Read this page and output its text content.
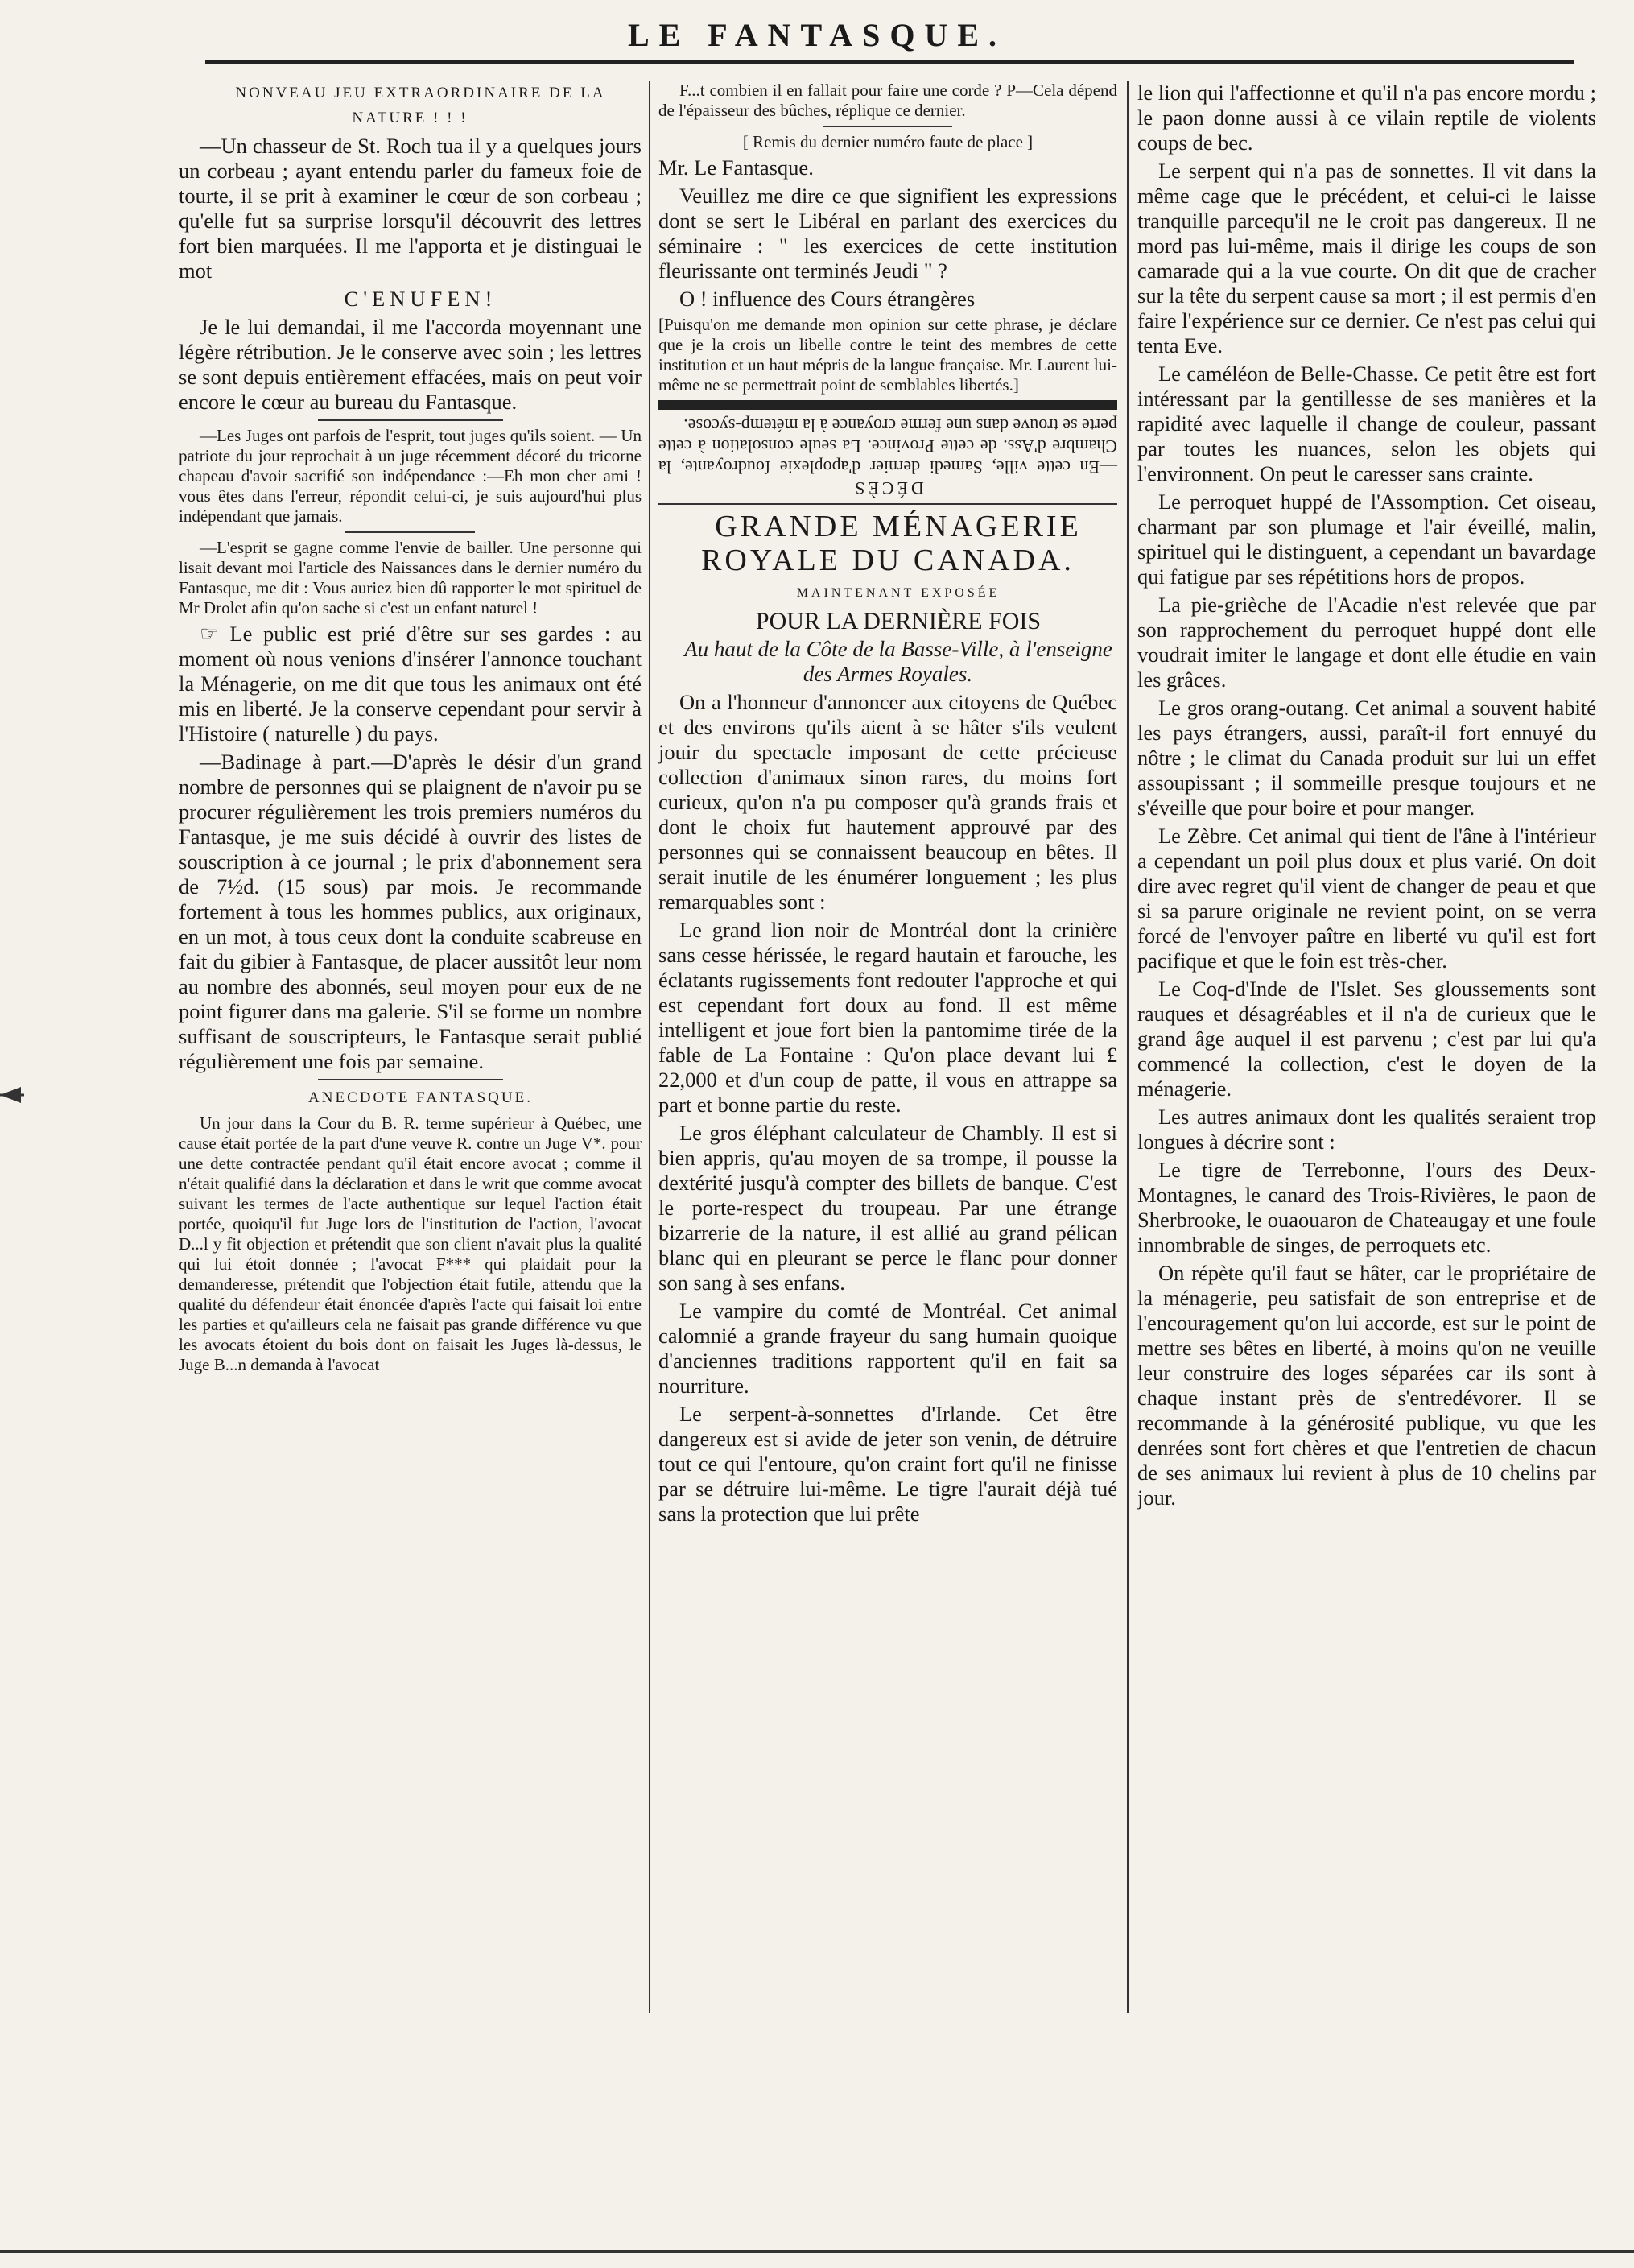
LE FANTASQUE.

NONVEAU JEU EXTRAORDINAIRE DE LA NATURE ! ! !

—Un chasseur de St. Roch tua il y a quelques jours un corbeau ; ayant entendu parler du fameux foie de tourte, il se prit à examiner le cœur de son corbeau ; qu'elle fut sa surprise lorsqu'il découvrit des lettres fort bien marquées. Il me l'apporta et je distinguai le mot

C'ENUFEN!

Je le lui demandai, il me l'accorda moyennant une légère rétribution. Je le conserve avec soin ; les lettres se sont depuis entièrement effacées, mais on peut voir encore le cœur au bureau du Fantasque.

—Les Juges ont parfois de l'esprit, tout juges qu'ils soient. — Un patriote du jour reprochait à un juge récemment décoré du tricorne chapeau d'avoir sacrifié son indépendance :—Eh mon cher ami ! vous êtes dans l'erreur, répondit celui-ci, je suis aujourd'hui plus indépendant que jamais.

—L'esprit se gagne comme l'envie de bailler. Une personne qui lisait devant moi l'article des Naissances dans le dernier numéro du Fantasque, me dit : Vous auriez bien dû rapporter le mot spirituel de Mr Drolet afin qu'on sache si c'est un enfant naturel !

☞ Le public est prié d'être sur ses gardes : au moment où nous venions d'insérer l'annonce touchant la Ménagerie, on me dit que tous les animaux ont été mis en liberté. Je la conserve cependant pour servir à l'Histoire ( naturelle ) du pays.

—Badinage à part.—D'après le désir d'un grand nombre de personnes qui se plaignent de n'avoir pu se procurer régulièrement les trois premiers numéros du Fantasque, je me suis décidé à ouvrir des listes de souscription à ce journal ; le prix d'abonnement sera de 7½d. (15 sous) par mois. Je recommande fortement à tous les hommes publics, aux originaux, en un mot, à tous ceux dont la conduite scabreuse en fait du gibier à Fantasque, de placer aussitôt leur nom au nombre des abonnés, seul moyen pour eux de ne point figurer dans ma galerie. S'il se forme un nombre suffisant de souscripteurs, le Fantasque serait publié régulièrement une fois par semaine.

ANECDOTE FANTASQUE.

Un jour dans la Cour du B. R. terme supérieur à Québec, une cause était portée de la part d'une veuve R. contre un Juge V*. pour une dette contractée pendant qu'il était encore avocat ; comme il n'était qualifié dans la déclaration et dans le writ que comme avocat suivant les termes de l'acte authentique sur lequel l'action était portée, quoiqu'il fut Juge lors de l'institution de l'action, l'avocat D...l y fit objection et prétendit que son client n'avait plus la qualité qui lui étoit donnée ; l'avocat F*** qui plaidait pour la demanderesse, prétendit que l'objection était futile, attendu que la qualité du défendeur était énoncée d'après l'acte qui faisait loi entre les parties et qu'ailleurs cela ne faisait pas grande différence vu que les avocats étoient du bois dont on faisait les Juges là-dessus, le Juge B...n demanda à l'avocat

F...t combien il en fallait pour faire une corde ? P—Cela dépend de l'épaisseur des bûches, réplique ce dernier.

[ Remis du dernier numéro faute de place ]

Mr. Le Fantasque.

Veuillez me dire ce que signifient les expressions dont se sert le Libéral en parlant des exercices du séminaire : " les exercices de cette institution fleurissante ont terminés Jeudi " ?

O ! influence des Cours étrangères

[Puisqu'on me demande mon opinion sur cette phrase, je déclare que je la crois un libelle contre le teint des membres de cette institution et un haut mépris de la langue française. Mr. Laurent lui-même ne se permettrait point de semblables libertés.]

DÉCÈS
—En cette ville, Samedi dernier d'apoplexie foudroyante, la Chambre d'Ass. de cette Province. La seule consolation à cette perte se trouve dans une ferme croyance à la métemp-sycose.

GRANDE MÉNAGERIE ROYALE DU CANADA.

MAINTENANT EXPOSÉE

POUR LA DERNIÈRE FOIS

Au haut de la Côte de la Basse-Ville, à l'enseigne des Armes Royales.

On a l'honneur d'annoncer aux citoyens de Québec et des environs qu'ils aient à se hâter s'ils veulent jouir du spectacle imposant de cette précieuse collection d'animaux sinon rares, du moins fort curieux, qu'on n'a pu composer qu'à grands frais et dont le choix fut hautement approuvé par des personnes qui se connaissent beaucoup en bêtes. Il serait inutile de les énumérer longuement ; les plus remarquables sont :

Le grand lion noir de Montréal dont la crinière sans cesse hérissée, le regard hautain et farouche, les éclatants rugissements font redouter l'approche et qui est cependant fort doux au fond. Il est même intelligent et joue fort bien la pantomime tirée de la fable de La Fontaine : Qu'on place devant lui £ 22,000 et d'un coup de patte, il vous en attrappe sa part et bonne partie du reste.

Le gros éléphant calculateur de Chambly. Il est si bien appris, qu'au moyen de sa trompe, il pousse la dextérité jusqu'à compter des billets de banque. C'est le porte-respect du troupeau. Par une étrange bizarrerie de la nature, il est allié au grand pélican blanc qui en pleurant se perce le flanc pour donner son sang à ses enfans.

Le vampire du comté de Montréal. Cet animal calomnié a grande frayeur du sang humain quoique d'anciennes traditions rapportent qu'il en fait sa nourriture.

Le serpent-à-sonnettes d'Irlande. Cet être dangereux est si avide de jeter son venin, de détruire tout ce qui l'entoure, qu'on craint fort qu'il ne finisse par se détruire lui-même. Le tigre l'aurait déjà tué sans la protection que lui prête

le lion qui l'affectionne et qu'il n'a pas encore mordu ; le paon donne aussi à ce vilain reptile de violents coups de bec.

Le serpent qui n'a pas de sonnettes. Il vit dans la même cage que le précédent, et celui-ci le laisse tranquille parcequ'il ne le croit pas dangereux. Il ne mord pas lui-même, mais il dirige les coups de son camarade qui a la vue courte. On dit que de cracher sur la tête du serpent cause sa mort ; il est permis d'en faire l'expérience sur ce dernier. Ce n'est pas celui qui tenta Eve.

Le caméléon de Belle-Chasse. Ce petit être est fort intéressant par la gentillesse de ses manières et la rapidité avec laquelle il change de couleur, passant par toutes les nuances, selon les objets qui l'environnent. On peut le caresser sans crainte.

Le perroquet huppé de l'Assomption. Cet oiseau, charmant par son plumage et l'air éveillé, malin, spirituel qui le distinguent, a cependant un bavardage qui fatigue par ses répétitions hors de propos.

La pie-grièche de l'Acadie n'est relevée que par son rapprochement du perroquet huppé dont elle voudrait imiter le langage et dont elle étudie en vain les grâces.

Le gros orang-outang. Cet animal a souvent habité les pays étrangers, aussi, paraît-il fort ennuyé du nôtre ; le climat du Canada produit sur lui un effet assoupissant ; il sommeille presque toujours et ne s'éveille que pour boire et pour manger.

Le Zèbre. Cet animal qui tient de l'âne à l'intérieur a cependant un poil plus doux et plus varié. On doit dire avec regret qu'il vient de changer de peau et que si sa parure originale ne revient point, on se verra forcé de l'envoyer paître en liberté vu qu'il est fort pacifique et que le foin est très-cher.

Le Coq-d'Inde de l'Islet. Ses gloussements sont rauques et désagréables et il n'a de curieux que le grand âge auquel il est parvenu ; c'est par lui qu'a commencé la collection, c'est le doyen de la ménagerie.

Les autres animaux dont les qualités seraient trop longues à décrire sont :

Le tigre de Terrebonne, l'ours des Deux-Montagnes, le canard des Trois-Rivières, le paon de Sherbrooke, le ouaouaron de Chateaugay et une foule innombrable de singes, de perroquets etc.

On répète qu'il faut se hâter, car le propriétaire de la ménagerie, peu satisfait de son entreprise et de l'encouragement qu'on lui accorde, est sur le point de mettre ses bêtes en liberté, à moins qu'on ne veuille leur construire des loges séparées car ils sont à chaque instant près de s'entredévorer. Il se recommande à la générosité publique, vu que les denrées sont fort chères et que l'entretien de chacun de ses animaux lui revient à plus de 10 chelins par jour.
